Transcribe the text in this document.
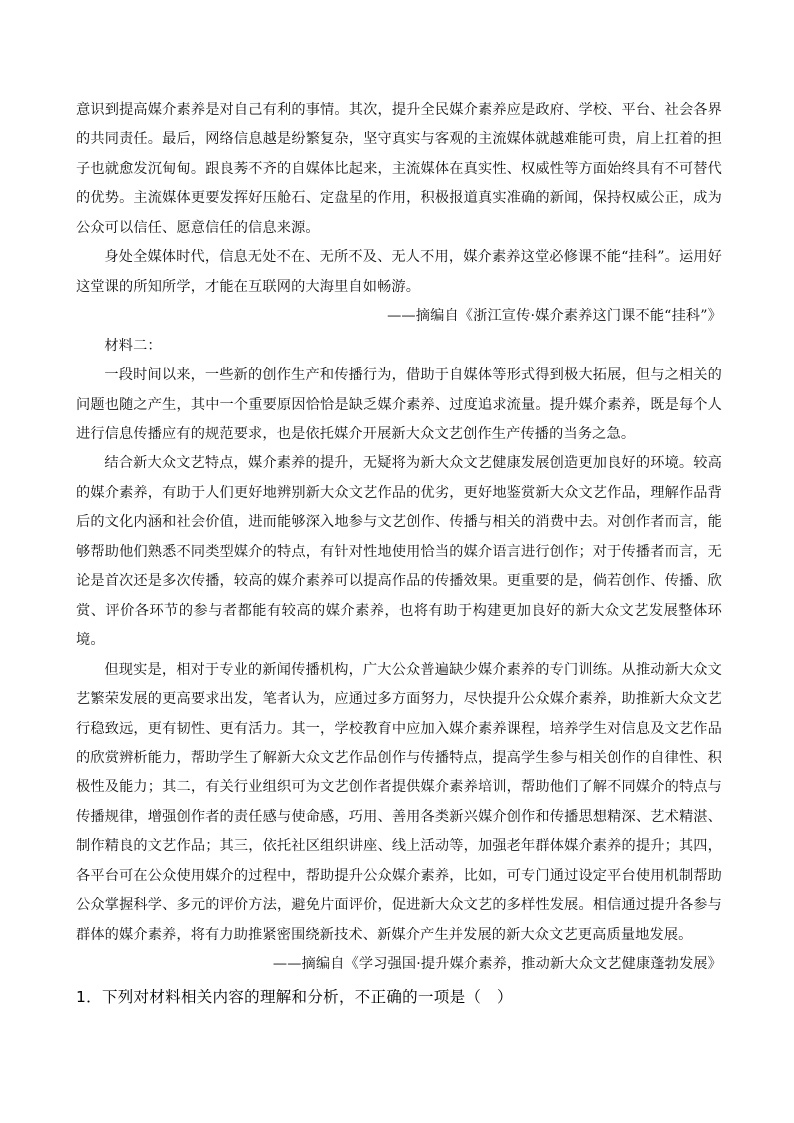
意识到提高媒介素养是对自己有利的事情。其次，提升全民媒介素养应是政府、学校、平台、社会各界的共同责任。最后，网络信息越是纷繁复杂，坚守真实与客观的主流媒体就越难能可贵，肩上扛着的担子也就愈发沉甸甸。跟良莠不齐的自媒体比起来，主流媒体在真实性、权威性等方面始终具有不可替代的优势。主流媒体更要发挥好压舱石、定盘星的作用，积极报道真实准确的新闻，保持权威公正，成为公众可以信任、愿意信任的信息来源。

身处全媒体时代，信息无处不在、无所不及、无人不用，媒介素养这堂必修课不能“挂科”。运用好这堂课的所知所学，才能在互联网的大海里自如畅游。

——摘编自《浙江宣传·媒介素养这门课不能“挂科”》

材料二：

一段时间以来，一些新的创作生产和传播行为，借助于自媒体等形式得到极大拓展，但与之相关的问题也随之产生，其中一个重要原因恰恰是缺乏媒介素养、过度追求流量。提升媒介素养，既是每个人进行信息传播应有的规范要求，也是依托媒介开展新大众文艺创作生产传播的当务之急。

结合新大众文艺特点，媒介素养的提升，无疑将为新大众文艺健康发展创造更加良好的环境。较高的媒介素养，有助于人们更好地辨别新大众文艺作品的优劣，更好地鉴赏新大众文艺作品，理解作品背后的文化内涵和社会价值，进而能够深入地参与文艺创作、传播与相关的消费中去。对创作者而言，能够帮助他们熟悉不同类型媒介的特点，有针对性地使用恰当的媒介语言进行创作；对于传播者而言，无论是首次还是多次传播，较高的媒介素养可以提高作品的传播效果。更重要的是，倘若创作、传播、欣赏、评价各环节的参与者都能有较高的媒介素养，也将有助于构建更加良好的新大众文艺发展整体环境。

但现实是，相对于专业的新闻传播机构，广大公众普遍缺少媒介素养的专门训练。从推动新大众文艺繁荣发展的更高要求出发，笔者认为，应通过多方面努力，尽快提升公众媒介素养，助推新大众文艺行稳致远，更有韧性、更有活力。其一，学校教育中应加入媒介素养课程，培养学生对信息及文艺作品的欣赏辨析能力，帮助学生了解新大众文艺作品创作与传播特点，提高学生参与相关创作的自律性、积极性及能力；其二，有关行业组织可为文艺创作者提供媒介素养培训，帮助他们了解不同媒介的特点与传播规律，增强创作者的责任感与使命感，巧用、善用各类新兴媒介创作和传播思想精深、艺术精湛、制作精良的文艺作品；其三，依托社区组织讲座、线上活动等，加强老年群体媒介素养的提升；其四，各平台可在公众使用媒介的过程中，帮助提升公众媒介素养，比如，可专门通过设定平台使用机制帮助公众掌握科学、多元的评价方法，避免片面评价，促进新大众文艺的多样性发展。相信通过提升各参与群体的媒介素养，将有力助推紧密围绕新技术、新媒介产生并发展的新大众文艺更高质量地发展。

——摘编自《学习强国·提升媒介素养，推动新大众文艺健康蓬勃发展》

1．下列对材料相关内容的理解和分析，不正确的一项是（　）
